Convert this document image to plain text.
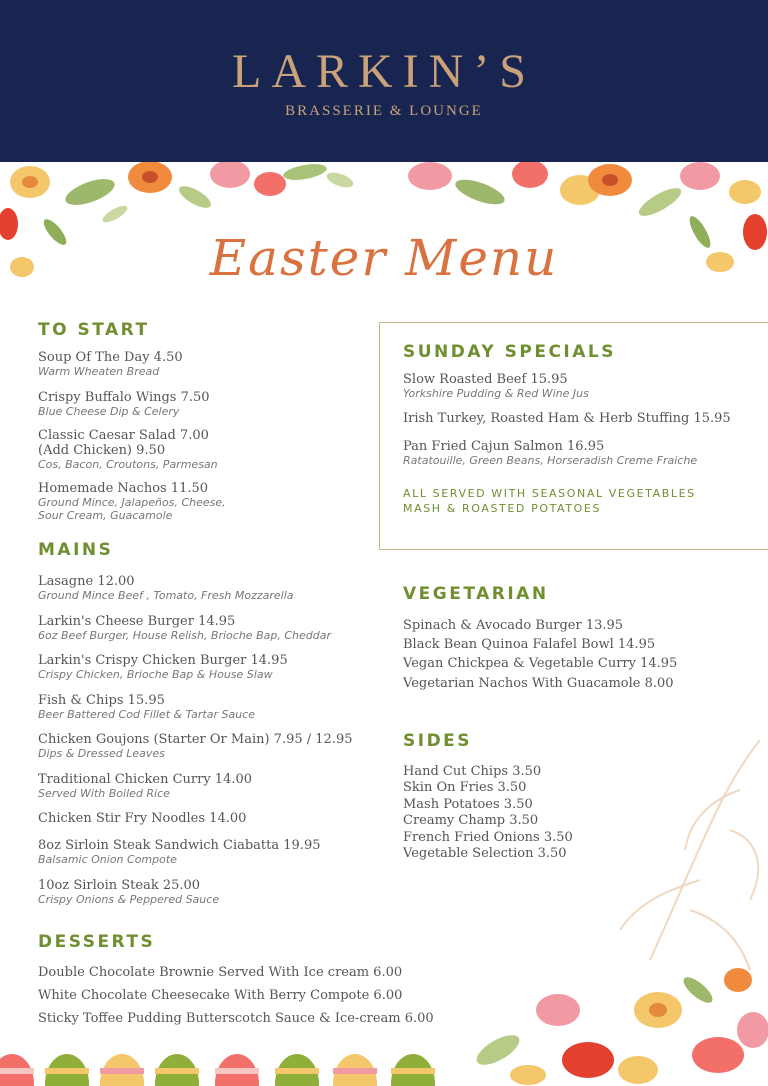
LARKIN’S
BRASSERIE & LOUNGE
Easter Menu
TO START
Soup Of The Day 4.50
Warm Wheaten Bread
Crispy Buffalo Wings 7.50
Blue Cheese Dip & Celery
Classic Caesar Salad 7.00
(Add Chicken) 9.50
Cos, Bacon, Croutons, Parmesan
Homemade Nachos 11.50
Ground Mince, Jalapeños, Cheese,
Sour Cream, Guacamole
MAINS
Lasagne 12.00
Ground Mince Beef , Tomato, Fresh Mozzarella
Larkin's Cheese Burger 14.95
6oz Beef Burger, House Relish, Brioche Bap, Cheddar
Larkin's Crispy Chicken Burger 14.95
Crispy Chicken, Brioche Bap & House Slaw
Fish & Chips 15.95
Beer Battered Cod Fillet & Tartar Sauce
Chicken Goujons (Starter Or Main) 7.95 / 12.95
Dips & Dressed Leaves
Traditional Chicken Curry 14.00
Served With Boiled Rice
Chicken Stir Fry Noodles 14.00
8oz Sirloin Steak Sandwich Ciabatta 19.95
Balsamic Onion Compote
10oz Sirloin Steak 25.00
Crispy Onions & Peppered Sauce
DESSERTS
Double Chocolate Brownie Served With Ice cream 6.00
White Chocolate Cheesecake With Berry Compote 6.00
Sticky Toffee Pudding Butterscotch Sauce & Ice-cream 6.00
SUNDAY SPECIALS
Slow Roasted Beef 15.95
Yorkshire Pudding & Red Wine Jus
Irish Turkey, Roasted Ham & Herb Stuffing 15.95
Pan Fried Cajun Salmon 16.95
Ratatouille, Green Beans, Horseradish Creme Fraiche
ALL SERVED WITH SEASONAL VEGETABLES
MASH & ROASTED POTATOES
VEGETARIAN
Spinach & Avocado Burger 13.95
Black Bean Quinoa Falafel Bowl 14.95
Vegan Chickpea & Vegetable Curry 14.95
Vegetarian Nachos With Guacamole 8.00
SIDES
Hand Cut Chips 3.50
Skin On Fries 3.50
Mash Potatoes 3.50
Creamy Champ 3.50
French Fried Onions 3.50
Vegetable Selection 3.50
